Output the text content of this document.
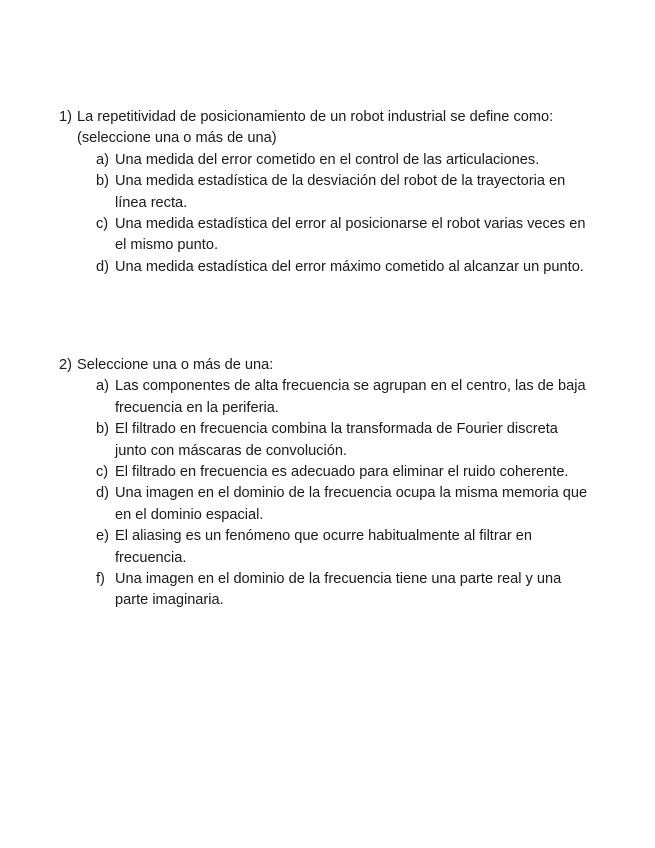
1) La repetitividad de posicionamiento de un robot industrial se define como: (seleccione una o más de una)
a) Una medida del error cometido en el control de las articulaciones.
b) Una medida estadística de la desviación del robot de la trayectoria en línea recta.
c) Una medida estadística del error al posicionarse el robot varias veces en el mismo punto.
d) Una medida estadística del error máximo cometido al alcanzar un punto.
2) Seleccione una o más de una:
a) Las componentes de alta frecuencia se agrupan en el centro, las de baja frecuencia en la periferia.
b) El filtrado en frecuencia combina la transformada de Fourier discreta junto con máscaras de convolución.
c) El filtrado en frecuencia es adecuado para eliminar el ruido coherente.
d) Una imagen en el dominio de la frecuencia ocupa la misma memoria que en el dominio espacial.
e) El aliasing es un fenómeno que ocurre habitualmente al filtrar en frecuencia.
f) Una imagen en el dominio de la frecuencia tiene una parte real y una parte imaginaria.
